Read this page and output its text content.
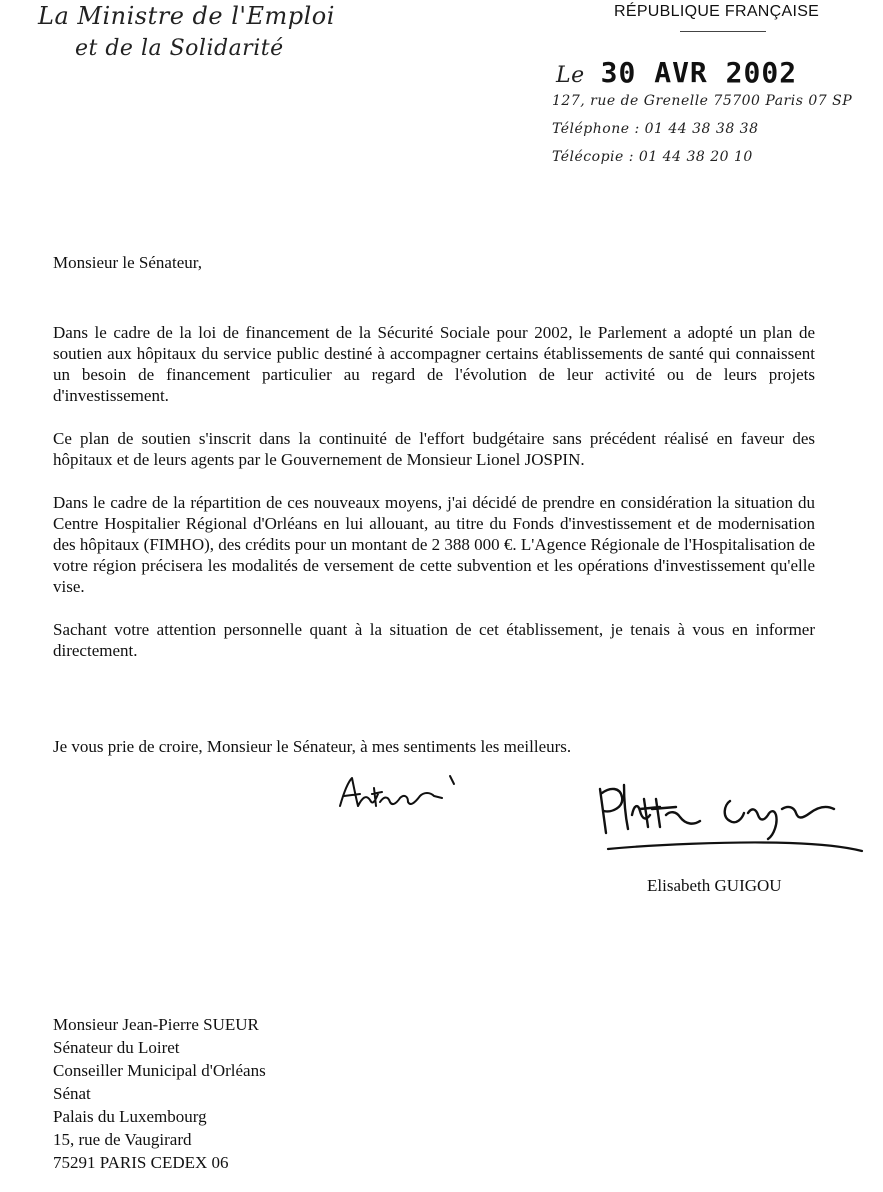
La Ministre de l'Emploi
et de la Solidarité
RÉPUBLIQUE FRANÇAISE
Le 30 AVR 2002
127, rue de Grenelle 75700 Paris 07 SP
Téléphone : 01 44 38 38 38
Télécopie : 01 44 38 20 10
Monsieur le Sénateur,

Dans le cadre de la loi de financement de la Sécurité Sociale pour 2002, le Parlement a adopté un plan de soutien aux hôpitaux du service public destiné à accompagner certains établissements de santé qui connaissent un besoin de financement particulier au regard de l'évolution de leur activité ou de leurs projets d'investissement.

Ce plan de soutien s'inscrit dans la continuité de l'effort budgétaire sans précédent réalisé en faveur des hôpitaux et de leurs agents par le Gouvernement de Monsieur Lionel JOSPIN.

Dans le cadre de la répartition de ces nouveaux moyens, j'ai décidé de prendre en considération la situation du Centre Hospitalier Régional d'Orléans en lui allouant, au titre du Fonds d'investissement et de modernisation des hôpitaux (FIMHO), des crédits pour un montant de 2 388 000 €. L'Agence Régionale de l'Hospitalisation de votre région précisera les modalités de versement de cette subvention et les opérations d'investissement qu'elle vise.

Sachant votre attention personnelle quant à la situation de cet établissement, je tenais à vous en informer directement.

Je vous prie de croire, Monsieur le Sénateur, à mes sentiments les meilleurs.
Elisabeth GUIGOU
Monsieur Jean-Pierre SUEUR
Sénateur du Loiret
Conseiller Municipal d'Orléans
Sénat
Palais du Luxembourg
15, rue de Vaugirard
75291 PARIS CEDEX 06
